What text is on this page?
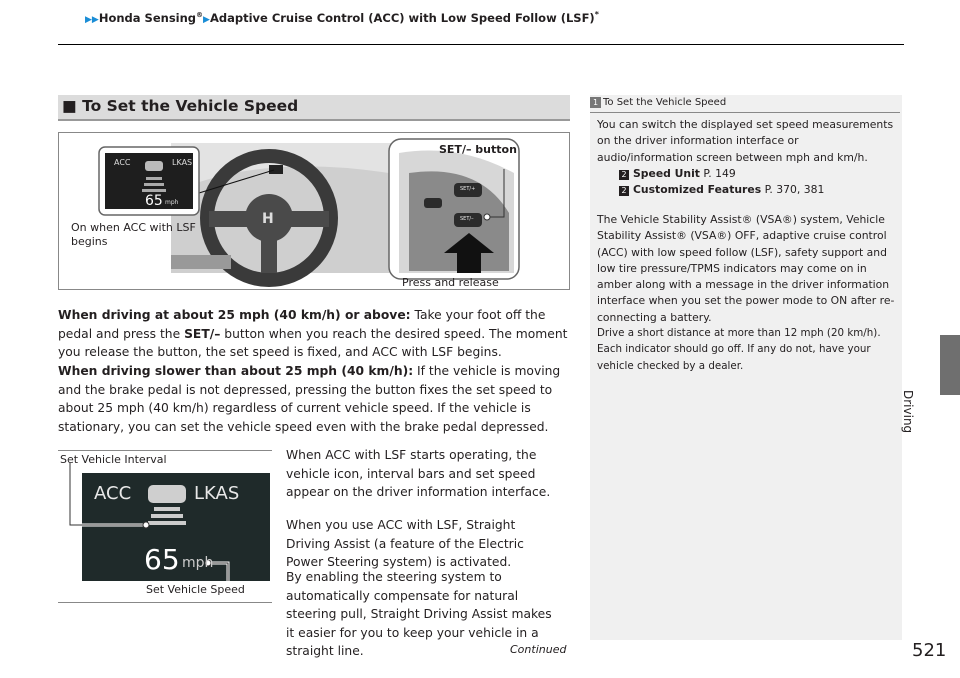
▶▶Honda Sensing®▶Adaptive Cruise Control (ACC) with Low Speed Follow (LSF)*
■ To Set the Vehicle Speed
H
ACC	LKAS
65 mph
SET/+
SET/–
SET/– button
On when ACC with LSF begins
Press and release
When driving at about 25 mph (40 km/h) or above: Take your foot off the pedal and press the SET/– button when you reach the desired speed. The moment you release the button, the set speed is fixed, and ACC with LSF begins.
When driving slower than about 25 mph (40 km/h): If the vehicle is moving and the brake pedal is not depressed, pressing the button fixes the set speed to about 25 mph (40 km/h) regardless of current vehicle speed. If the vehicle is stationary, you can set the vehicle speed even with the brake pedal depressed.
When ACC with LSF starts operating, the vehicle icon, interval bars and set speed appear on the driver information interface.
When you use ACC with LSF, Straight Driving Assist (a feature of the Electric Power Steering system) is activated.
By enabling the steering system to automatically compensate for natural steering pull, Straight Driving Assist makes it easier for you to keep your vehicle in a straight line.
Set Vehicle Interval
ACC	LKAS
65 mph
Set Vehicle Speed
1 To Set the Vehicle Speed
You can switch the displayed set speed measurements on the driver information interface or audio/information screen between mph and km/h.
2 Speed Unit P. 149
2 Customized Features P. 370, 381
The Vehicle Stability Assist® (VSA®) system, Vehicle Stability Assist® (VSA®) OFF, adaptive cruise control (ACC) with low speed follow (LSF), safety support and low tire pressure/TPMS indicators may come on in amber along with a message in the driver information interface when you set the power mode to ON after re-connecting a battery.
Drive a short distance at more than 12 mph (20 km/h). Each indicator should go off. If any do not, have your vehicle checked by a dealer.
Driving
Continued	521
